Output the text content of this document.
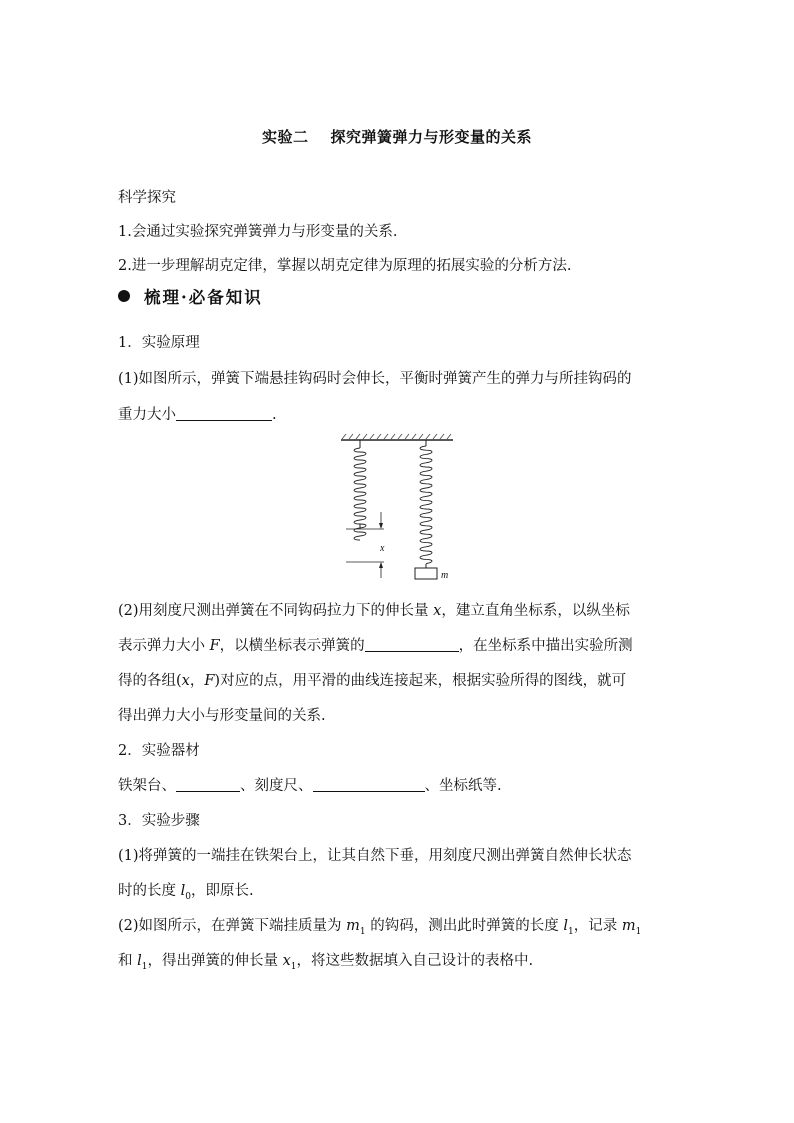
实验二 探究弹簧弹力与形变量的关系
科学探究
1.会通过实验探究弹簧弹力与形变量的关系.
2.进一步理解胡克定律，掌握以胡克定律为原理的拓展实验的分析方法.
梳理·必备知识
1．实验原理
(1)如图所示，弹簧下端悬挂钩码时会伸长，平衡时弹簧产生的弹力与所挂钩码的
重力大小	.
x
m
(2)用刻度尺测出弹簧在不同钩码拉力下的伸长量 x，建立直角坐标系，以纵坐标
表示弹力大小 F，以横坐标表示弹簧的	，在坐标系中描出实验所测
得的各组(x，F)对应的点，用平滑的曲线连接起来，根据实验所得的图线，就可
得出弹力大小与形变量间的关系.
2．实验器材
铁架台、	、刻度尺、	、坐标纸等.
3．实验步骤
(1)将弹簧的一端挂在铁架台上，让其自然下垂，用刻度尺测出弹簧自然伸长状态
时的长度 $l_0$，即原长.
(2)如图所示，在弹簧下端挂质量为 $m_1$ 的钩码，测出此时弹簧的长度 $l_1$，记录 $m_1$
和 $l_1$，得出弹簧的伸长量 $x_1$，将这些数据填入自己设计的表格中.
